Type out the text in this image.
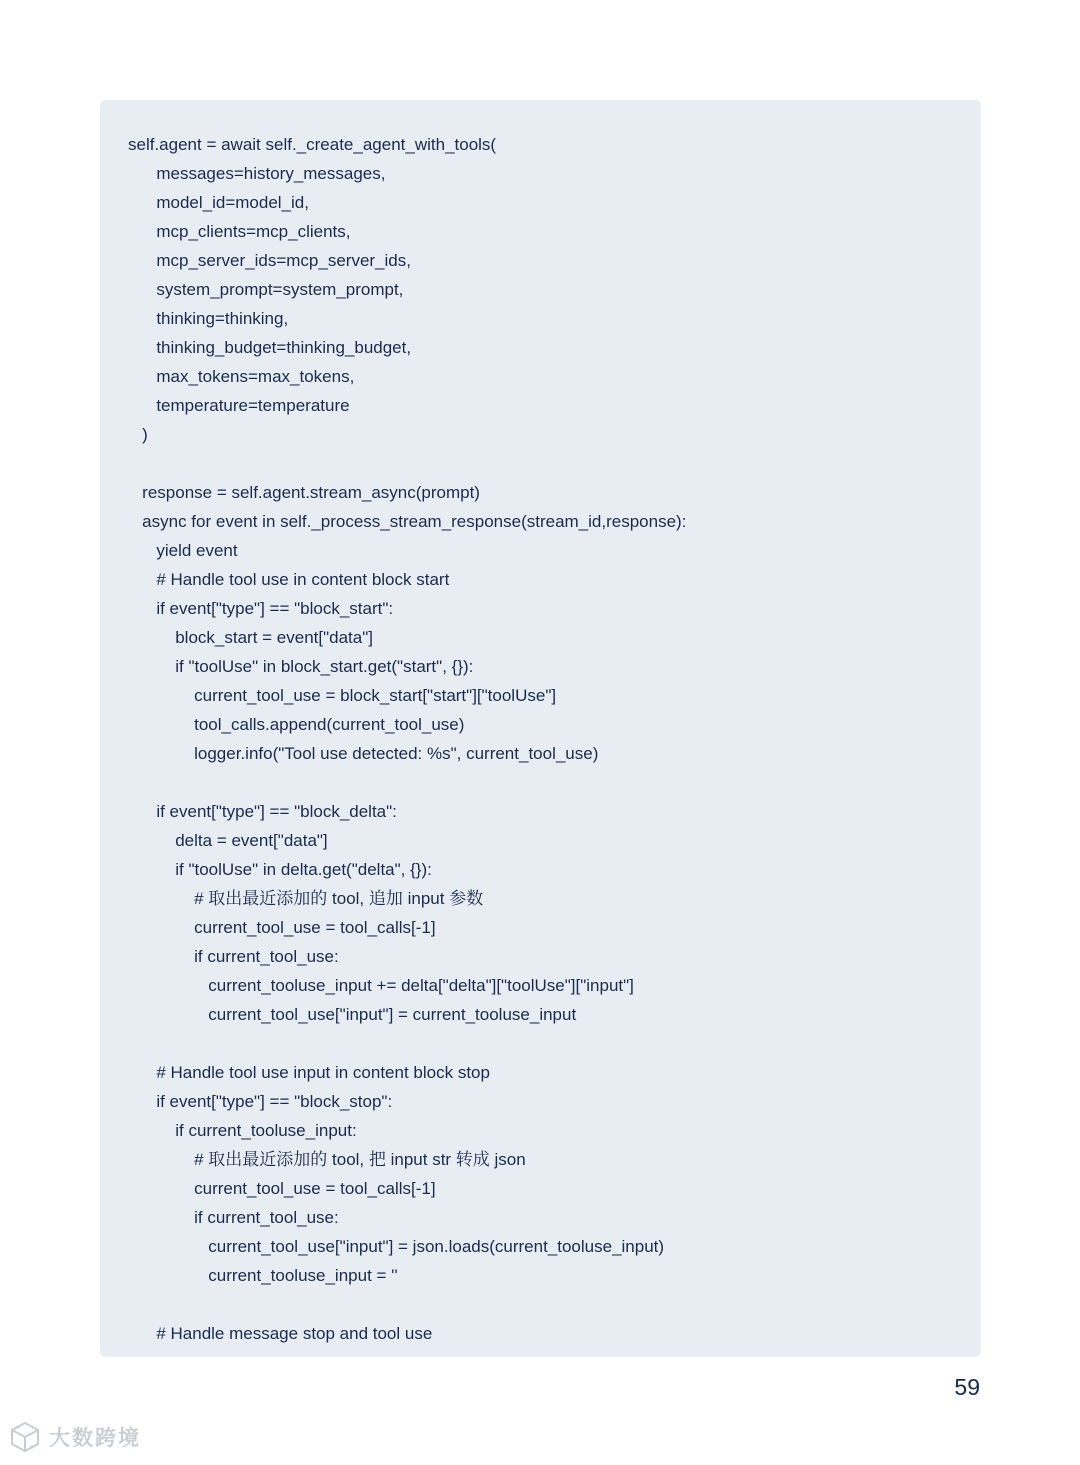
self.agent = await self._create_agent_with_tools(
messages=history_messages,
model_id=model_id,
mcp_clients=mcp_clients,
mcp_server_ids=mcp_server_ids,
system_prompt=system_prompt,
thinking=thinking,
thinking_budget=thinking_budget,
max_tokens=max_tokens,
temperature=temperature
)

response = self.agent.stream_async(prompt)
async for event in self._process_stream_response(stream_id,response):
yield event
# Handle tool use in content block start
if event["type"] == "block_start":
block_start = event["data"]
if "toolUse" in block_start.get("start", {}):
current_tool_use = block_start["start"]["toolUse"]
tool_calls.append(current_tool_use)
logger.info("Tool use detected: %s", current_tool_use)

if event["type"] == "block_delta":
delta = event["data"]
if "toolUse" in delta.get("delta", {}):
# 取出最近添加的 tool, 追加 input 参数
current_tool_use = tool_calls[-1]
if current_tool_use:
current_tooluse_input += delta["delta"]["toolUse"]["input"]
current_tool_use["input"] = current_tooluse_input

# Handle tool use input in content block stop
if event["type"] == "block_stop":
if current_tooluse_input:
# 取出最近添加的 tool, 把 input str 转成 json
current_tool_use = tool_calls[-1]
if current_tool_use:
current_tool_use["input"] = json.loads(current_tooluse_input)
current_tooluse_input = ''

# Handle message stop and tool use
59
大数跨境
